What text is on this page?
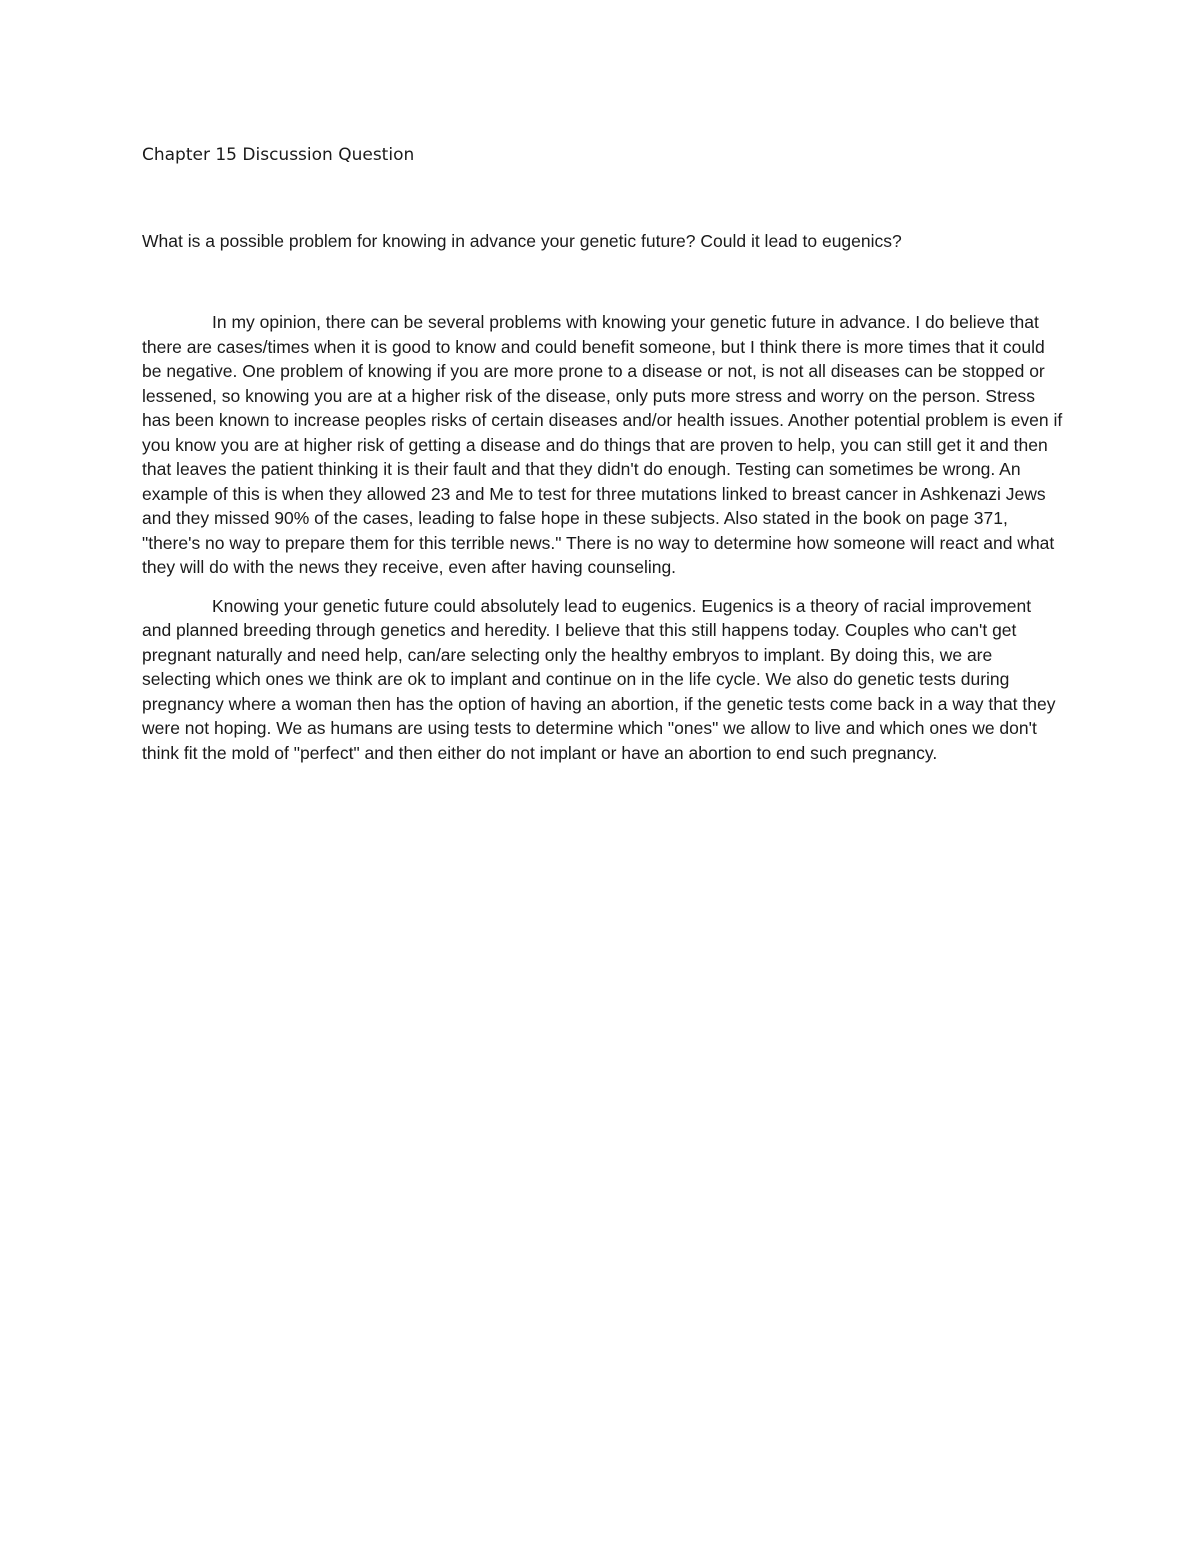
Chapter 15 Discussion Question

What is a possible problem for knowing in advance your genetic future? Could it lead to eugenics?

In my opinion, there can be several problems with knowing your genetic future in advance. I do believe that there are cases/times when it is good to know and could benefit someone, but I think there is more times that it could be negative. One problem of knowing if you are more prone to a disease or not, is not all diseases can be stopped or lessened, so knowing you are at a higher risk of the disease, only puts more stress and worry on the person. Stress has been known to increase peoples risks of certain diseases and/or health issues. Another potential problem is even if you know you are at higher risk of getting a disease and do things that are proven to help, you can still get it and then that leaves the patient thinking it is their fault and that they didn't do enough. Testing can sometimes be wrong. An example of this is when they allowed 23 and Me to test for three mutations linked to breast cancer in Ashkenazi Jews and they missed 90% of the cases, leading to false hope in these subjects. Also stated in the book on page 371, "there's no way to prepare them for this terrible news." There is no way to determine how someone will react and what they will do with the news they receive, even after having counseling.

Knowing your genetic future could absolutely lead to eugenics. Eugenics is a theory of racial improvement and planned breeding through genetics and heredity. I believe that this still happens today. Couples who can't get pregnant naturally and need help, can/are selecting only the healthy embryos to implant. By doing this, we are selecting which ones we think are ok to implant and continue on in the life cycle. We also do genetic tests during pregnancy where a woman then has the option of having an abortion, if the genetic tests come back in a way that they were not hoping. We as humans are using tests to determine which "ones" we allow to live and which ones we don't think fit the mold of "perfect" and then either do not implant or have an abortion to end such pregnancy.
